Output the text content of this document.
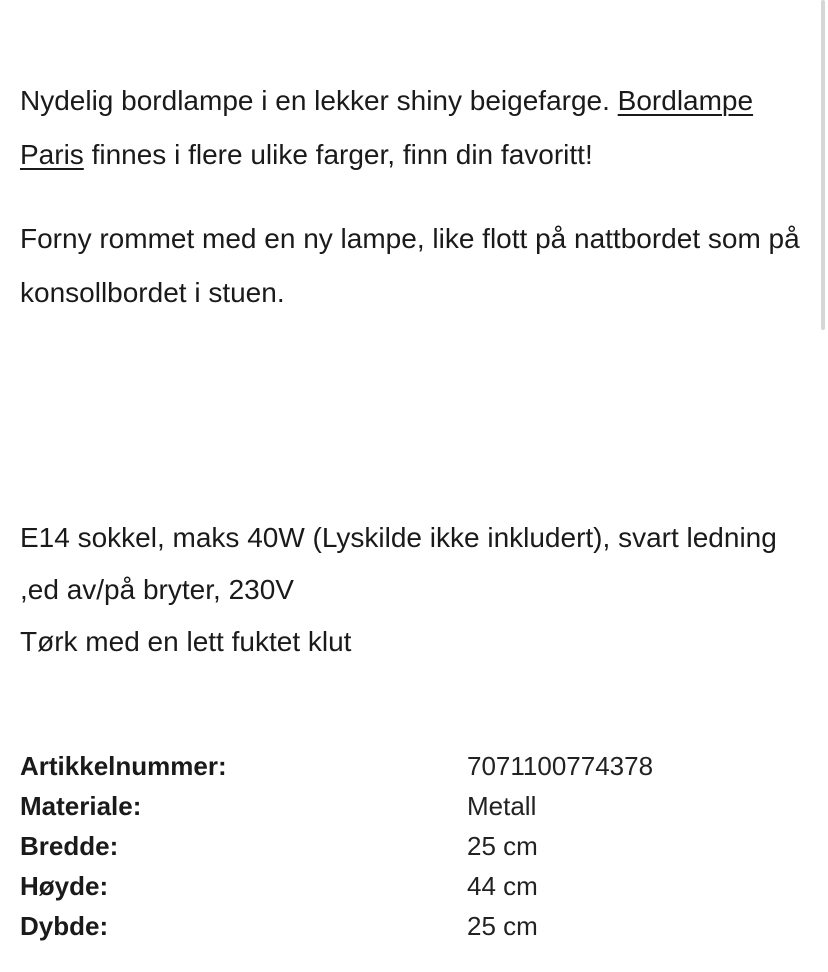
Nydelig bordlampe i en lekker shiny beigefarge. Bordlampe Paris finnes i flere ulike farger, finn din favoritt!

Forny rommet med en ny lampe, like flott på nattbordet som på konsollbordet i stuen.

E14 sokkel, maks 40W (Lyskilde ikke inkludert), svart ledning ,ed av/på bryter, 230V
Tørk med en lett fuktet klut
Artikkelnummer:	7071100774378
Materiale:	Metall
Bredde:	25 cm
Høyde:	44 cm
Dybde:	25 cm
